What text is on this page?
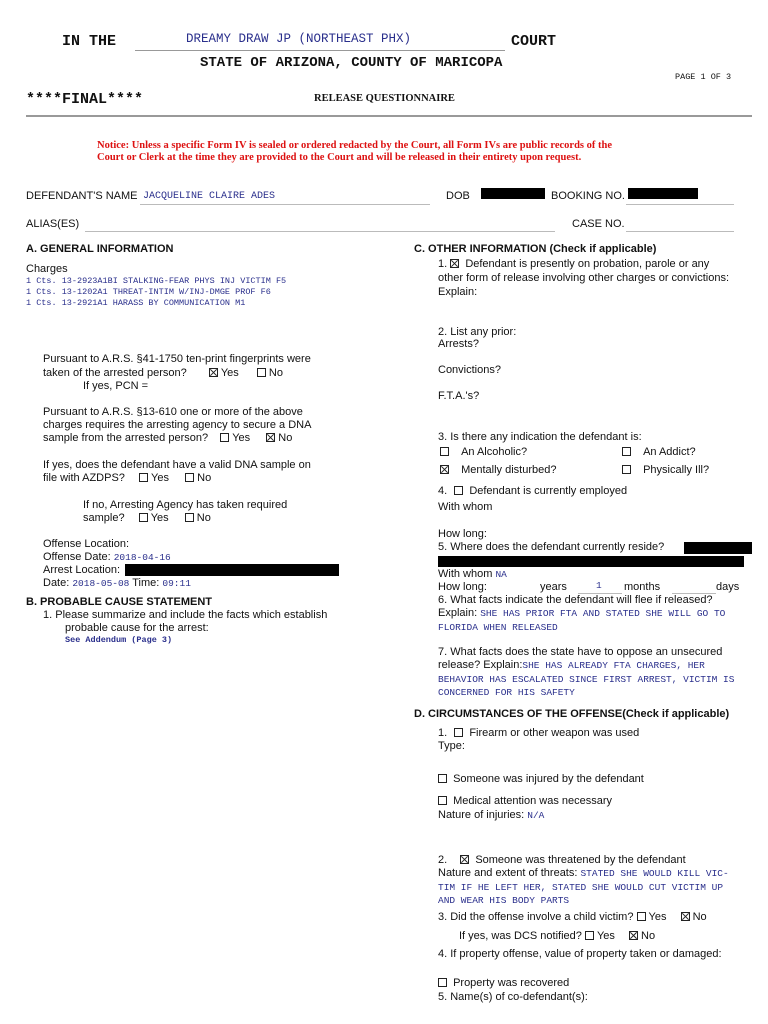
IN THE	DREAMY DRAW JP (NORTHEAST PHX)	COURT
STATE OF ARIZONA, COUNTY OF MARICOPA
PAGE 1 OF 3
****FINAL****	RELEASE QUESTIONNAIRE
Notice: Unless a specific Form IV is sealed or ordered redacted by the Court, all Form IVs are public records of the
Court or Clerk at the time they are provided to the Court and will be released in their entirety upon request.
DEFENDANT'S NAME JACQUELINE CLAIRE ADES	DOB	BOOKING NO.
ALIAS(ES)	CASE NO.
A. GENERAL INFORMATION
Charges
1 Cts. 13-2923A1BI STALKING-FEAR PHYS INJ VICTIM F5
1 Cts. 13-1202A1 THREAT-INTIM W/INJ-DMGE PROF F6
1 Cts. 13-2921A1 HARASS BY COMMUNICATION M1
Pursuant to A.R.S. §41-1750 ten-print fingerprints were
taken of the arrested person?	Yes	No
If yes, PCN =
Pursuant to A.R.S. §13-610 one or more of the above
charges requires the arresting agency to secure a DNA
sample from the arrested person? Yes	No
If yes, does the defendant have a valid DNA sample on
file with AZDPS? Yes	No
If no, Arresting Agency has taken required
sample? Yes	No
Offense Location:
Offense Date: 2018-04-16
Arrest Location:
Date: 2018-05-08 Time: 09:11
B. PROBABLE CAUSE STATEMENT
1. Please summarize and include the facts which establish
probable cause for the arrest:
See Addendum (Page 3)
C. OTHER INFORMATION (Check if applicable)
1. Defendant is presently on probation, parole or any
other form of release involving other charges or convictions:
Explain:
2. List any prior:
Arrests?
Convictions?
F.T.A.'s?
3. Is there any indication the defendant is:
An Alcoholic?	An Addict?
Mentally disturbed?	Physically Ill?
4. Defendant is currently employed
With whom
How long:
5. Where does the defendant currently reside?
With whom NA
How long:	years	1 months	days
6. What facts indicate the defendant will flee if released?
Explain: SHE HAS PRIOR FTA AND STATED SHE WILL GO TO
FLORIDA WHEN RELEASED
7. What facts does the state have to oppose an unsecured
release? Explain:SHE HAS ALREADY FTA CHARGES, HER
BEHAVIOR HAS ESCALATED SINCE FIRST ARREST, VICTIM IS
CONCERNED FOR HIS SAFETY
D. CIRCUMSTANCES OF THE OFFENSE(Check if applicable)
1. Firearm or other weapon was used
Type:
Someone was injured by the defendant
Medical attention was necessary
Nature of injuries: N/A
2.	Someone was threatened by the defendant
Nature and extent of threats: STATED SHE WOULD KILL VIC-
TIM IF HE LEFT HER, STATED SHE WOULD CUT VICTIM UP
AND WEAR HIS BODY PARTS
3. Did the offense involve a child victim? Yes No
If yes, was DCS notified? Yes No
4. If property offense, value of property taken or damaged:
Property was recovered
5. Name(s) of co-defendant(s):
